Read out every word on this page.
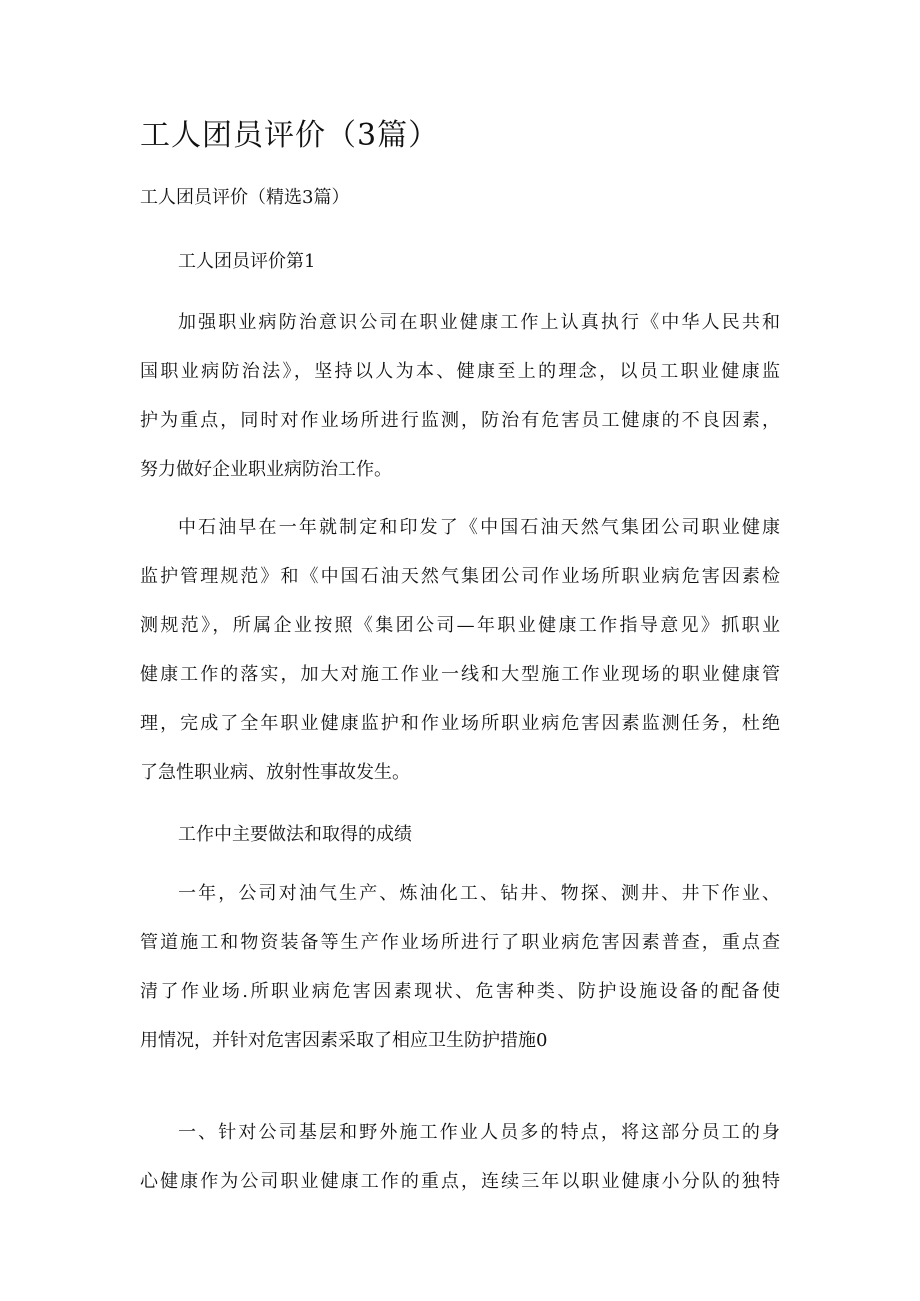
工人团员评价（3篇）

工人团员评价（精选3篇）

工人团员评价第1

加强职业病防治意识公司在职业健康工作上认真执行《中华人民共和
国职业病防治法》，坚持以人为本、健康至上的理念，以员工职业健康监
护为重点，同时对作业场所进行监测，防治有危害员工健康的不良因素，
努力做好企业职业病防治工作。
中石油早在一年就制定和印发了《中国石油天然气集团公司职业健康
监护管理规范》和《中国石油天然气集团公司作业场所职业病危害因素检
测规范》，所属企业按照《集团公司—年职业健康工作指导意见》抓职业
健康工作的落实，加大对施工作业一线和大型施工作业现场的职业健康管
理，完成了全年职业健康监护和作业场所职业病危害因素监测任务，杜绝
了急性职业病、放射性事故发生。

工作中主要做法和取得的成绩

一年，公司对油气生产、炼油化工、钻井、物探、测井、井下作业、
管道施工和物资装备等生产作业场所进行了职业病危害因素普查，重点查
清了作业场.所职业病危害因素现状、危害种类、防护设施设备的配备使
用情况，并针对危害因素采取了相应卫生防护措施0
一、针对公司基层和野外施工作业人员多的特点，将这部分员工的身
心健康作为公司职业健康工作的重点，连续三年以职业健康小分队的独特
